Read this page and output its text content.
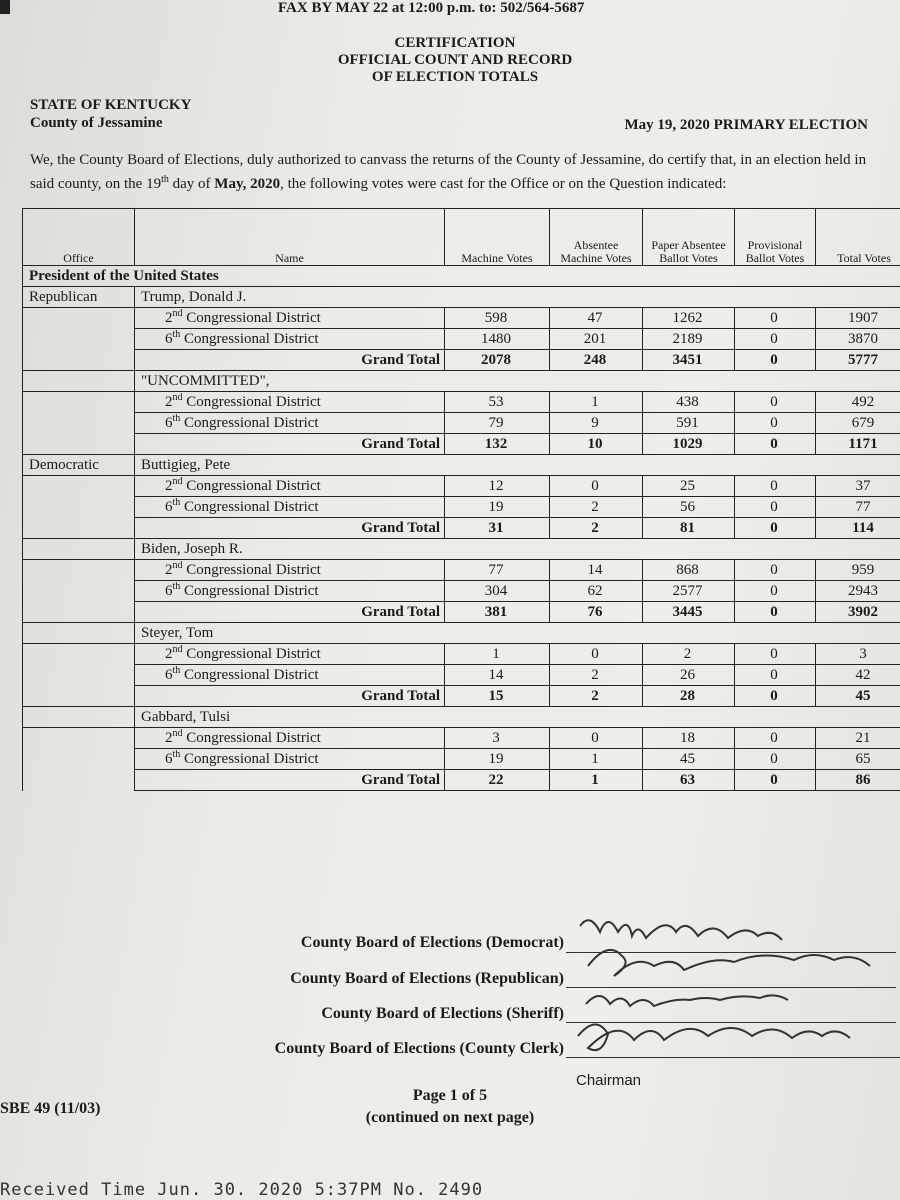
FAX BY MAY 22 at 12:00 p.m. to: 502/564-5687
CERTIFICATION
OFFICIAL COUNT AND RECORD
OF ELECTION TOTALS
STATE OF KENTUCKY
County of Jessamine	May 19, 2020 PRIMARY ELECTION
We, the County Board of Elections, duly authorized to canvass the returns of the County of Jessamine, do certify that, in an election held in said county, on the 19th day of May, 2020, the following votes were cast for the Office or on the Question indicated:
Office	Name	Machine Votes	Absentee Machine Votes	Paper Absentee Ballot Votes	Provisional Ballot Votes	Total Votes
President of the United States						
Republican	Trump, Donald J.					
	2nd Congressional District	598	47	1262	0	1907
	6th Congressional District	1480	201	2189	0	3870
	Grand Total	2078	248	3451	0	5777
	"UNCOMMITTED",					
	2nd Congressional District	53	1	438	0	492
	6th Congressional District	79	9	591	0	679
	Grand Total	132	10	1029	0	1171
Democratic	Buttigieg, Pete					
	2nd Congressional District	12	0	25	0	37
	6th Congressional District	19	2	56	0	77
	Grand Total	31	2	81	0	114
	Biden, Joseph R.					
	2nd Congressional District	77	14	868	0	959
	6th Congressional District	304	62	2577	0	2943
	Grand Total	381	76	3445	0	3902
	Steyer, Tom					
	2nd Congressional District	1	0	2	0	3
	6th Congressional District	14	2	26	0	42
	Grand Total	15	2	28	0	45
	Gabbard, Tulsi					
	2nd Congressional District	3	0	18	0	21
	6th Congressional District	19	1	45	0	65
	Grand Total	22	1	63	0	86
County Board of Elections (Democrat)
County Board of Elections (Republican)
County Board of Elections (Sheriff)
County Board of Elections (County Clerk)
Chairman
SBE 49 (11/03)
Page 1 of 5
(continued on next page)
Received Time Jun. 30. 2020 5:37PM No. 2490
